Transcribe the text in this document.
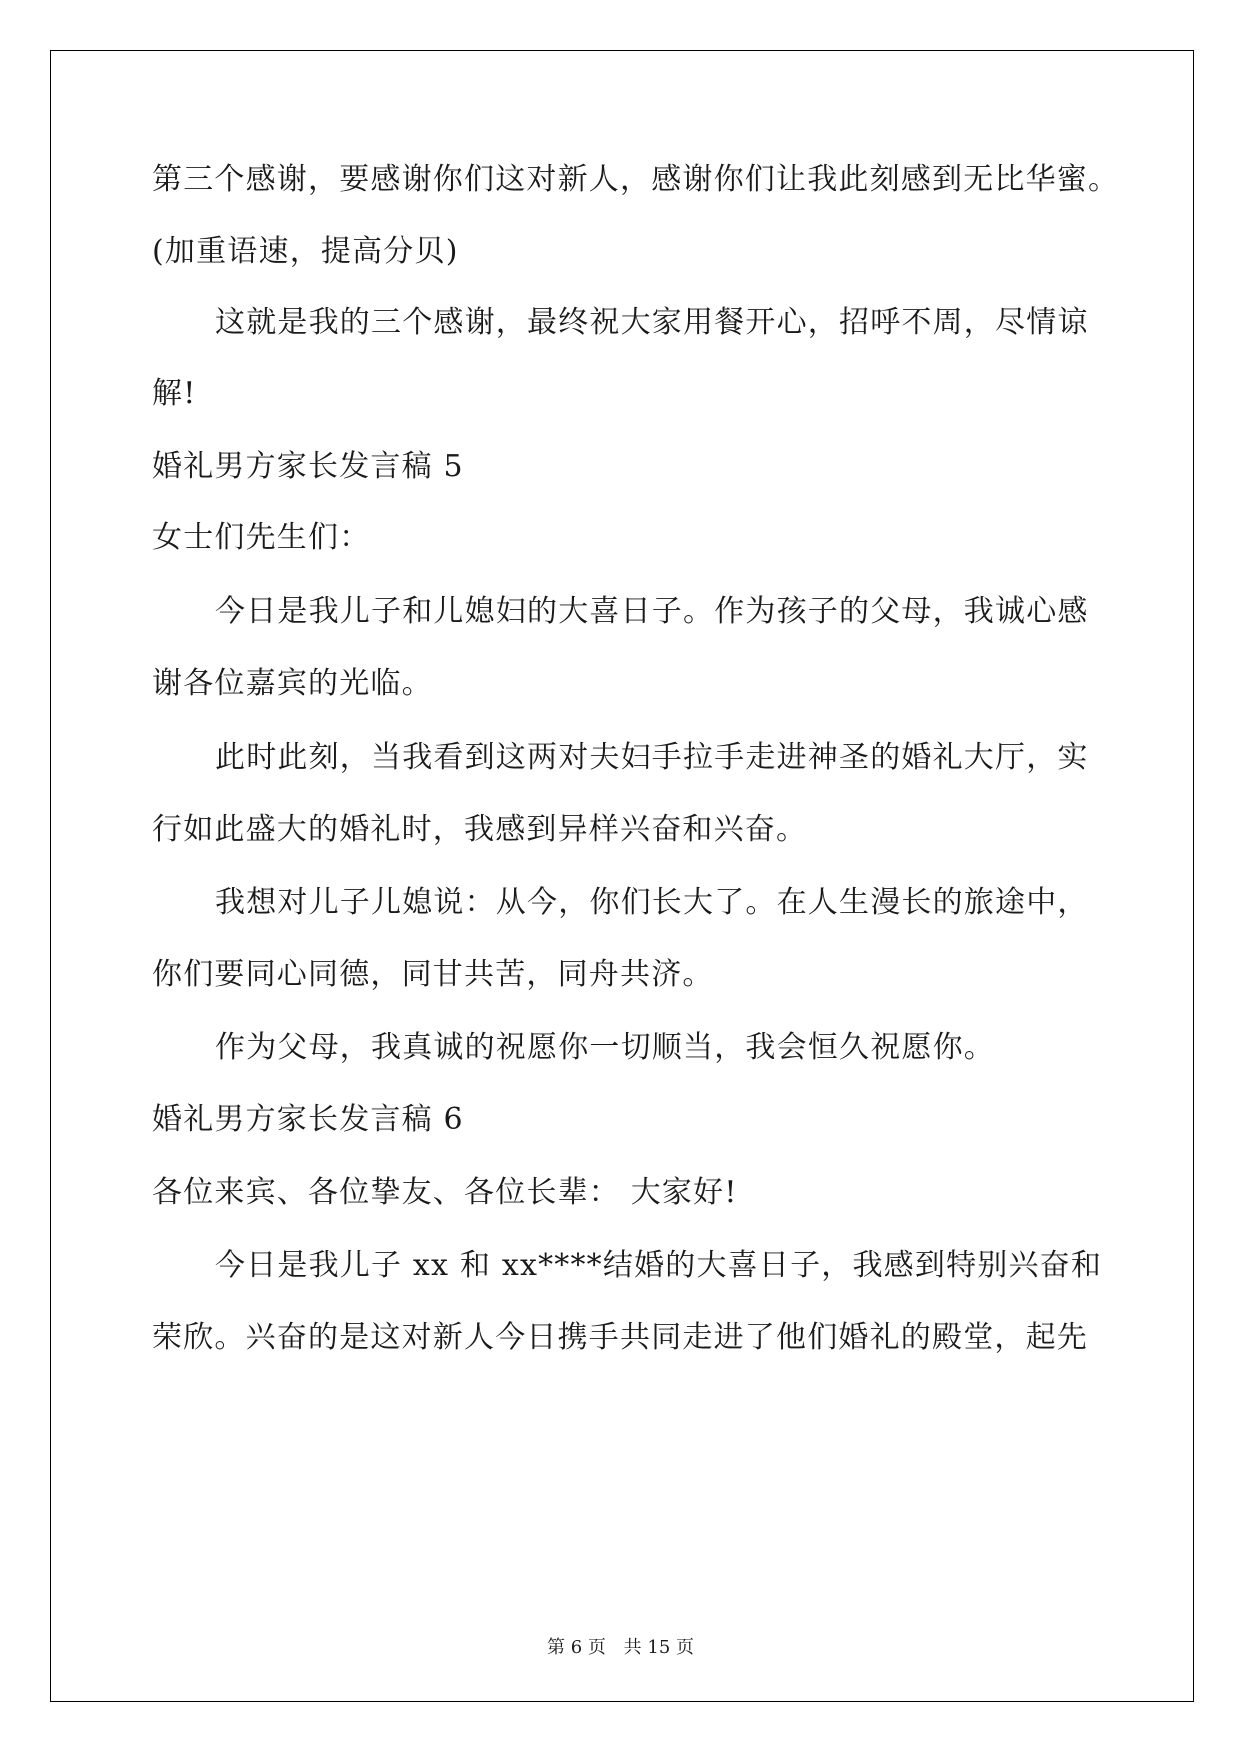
第三个感谢，要感谢你们这对新人，感谢你们让我此刻感到无比华蜜。
(加重语速，提高分贝)
这就是我的三个感谢，最终祝大家用餐开心，招呼不周，尽情谅
解!
婚礼男方家长发言稿 5
女士们先生们：
今日是我儿子和儿媳妇的大喜日子。作为孩子的父母，我诚心感
谢各位嘉宾的光临。
此时此刻，当我看到这两对夫妇手拉手走进神圣的婚礼大厅，实
行如此盛大的婚礼时，我感到异样兴奋和兴奋。
我想对儿子儿媳说：从今，你们长大了。在人生漫长的旅途中，
你们要同心同德，同甘共苦，同舟共济。
作为父母，我真诚的祝愿你一切顺当，我会恒久祝愿你。
婚礼男方家长发言稿 6
各位来宾、各位挚友、各位长辈： 大家好!
今日是我儿子 xx 和 xx****结婚的大喜日子，我感到特别兴奋和
荣欣。兴奋的是这对新人今日携手共同走进了他们婚礼的殿堂，起先
第 6 页 共 15 页
